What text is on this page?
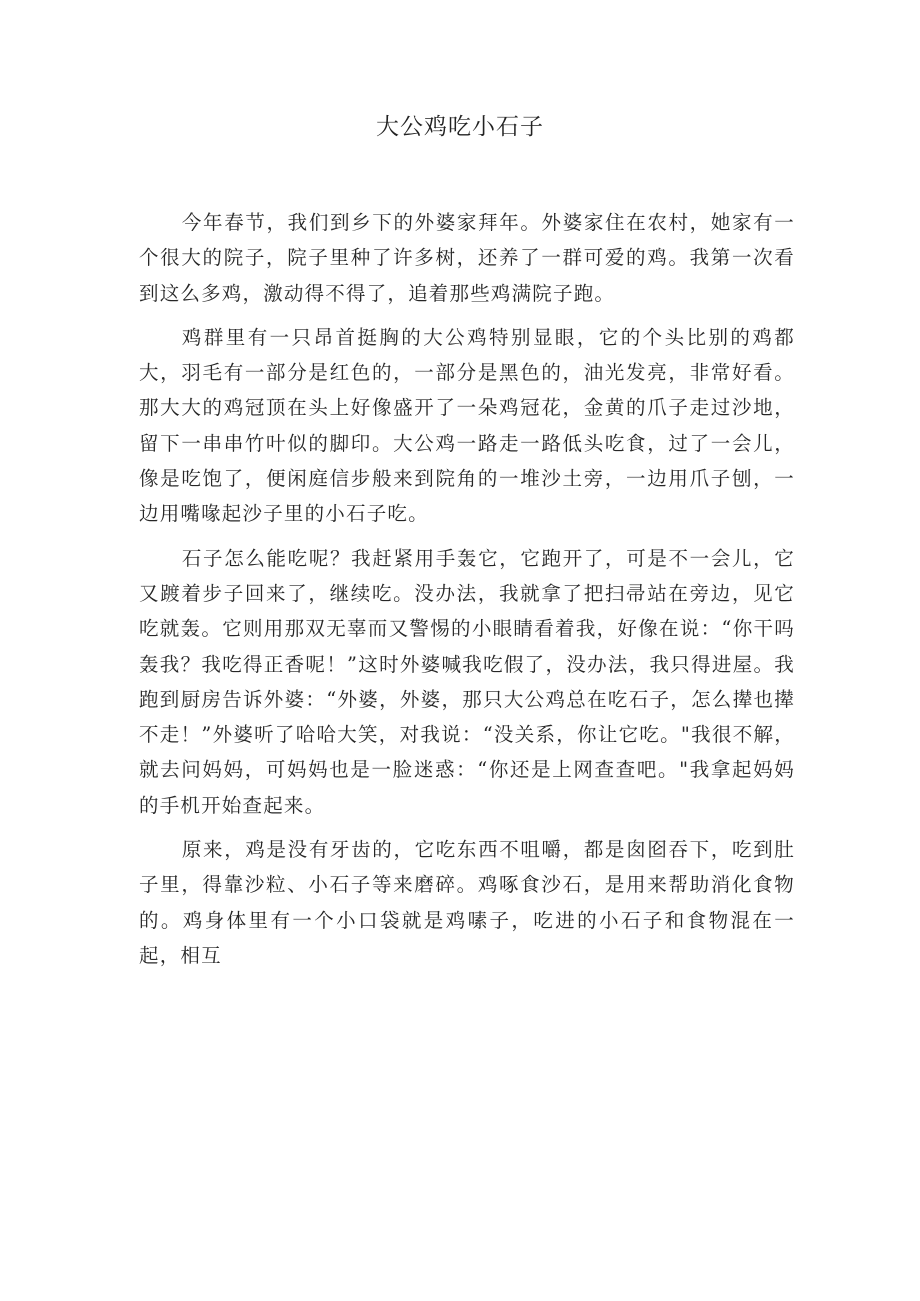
大公鸡吃小石子

今年春节，我们到乡下的外婆家拜年。外婆家住在农村，她家有一个很大的院子，院子里种了许多树，还养了一群可爱的鸡。我第一次看到这么多鸡，激动得不得了，追着那些鸡满院子跑。

鸡群里有一只昂首挺胸的大公鸡特别显眼，它的个头比别的鸡都大，羽毛有一部分是红色的，一部分是黑色的，油光发亮，非常好看。那大大的鸡冠顶在头上好像盛开了一朵鸡冠花，金黄的爪子走过沙地，留下一串串竹叶似的脚印。大公鸡一路走一路低头吃食，过了一会儿，像是吃饱了，便闲庭信步般来到院角的一堆沙土旁，一边用爪子刨，一边用嘴喙起沙子里的小石子吃。

石子怎么能吃呢？我赶紧用手轰它，它跑开了，可是不一会儿，它又踱着步子回来了，继续吃。没办法，我就拿了把扫帚站在旁边，见它吃就轰。它则用那双无辜而又警惕的小眼睛看着我，好像在说：“你干吗轰我？我吃得正香呢！”这时外婆喊我吃假了，没办法，我只得进屋。我跑到厨房告诉外婆：“外婆，外婆，那只大公鸡总在吃石子，怎么撵也撵不走！”外婆听了哈哈大笑，对我说：“没关系，你让它吃。"我很不解，就去问妈妈，可妈妈也是一脸迷惑：“你还是上网查查吧。"我拿起妈妈的手机开始查起来。

原来，鸡是没有牙齿的，它吃东西不咀嚼，都是囱囵吞下，吃到肚子里，得靠沙粒、小石子等来磨碎。鸡啄食沙石，是用来帮助消化食物的。鸡身体里有一个小口袋就是鸡嗉子，吃进的小石子和食物混在一起，相互
